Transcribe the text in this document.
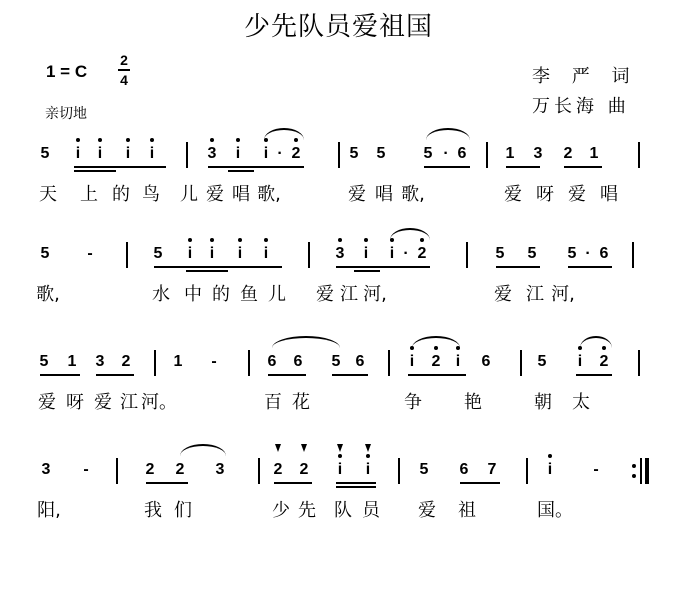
少先队员爱祖国
1 = C
2
4
亲切地
李 严 词
万长海 曲
5	i	i	i	i	3	i	i · 2	5 5 5 · 6 1 3 2 1
天 上 的 鸟 儿 爱 唱 歌,	爱 唱 歌,	爱 呀 爱 唱
5	-	5	i	i	i	i	3	i	i · 2	5 5 5 · 6
歌,	水 中 的 鱼 儿 爱 江 河,	爱 江 河,
5 1 3 2	1	-	6 6 5 6	i	2 i	6	5	i	2
爱 呀 爱 江 河。	百 花	争 艳	朝 太
3	-	2 2 3	2 2	i	i	5 6 7	i	-
阳,	我 们	少 先 队 员 爱 祖	国。
